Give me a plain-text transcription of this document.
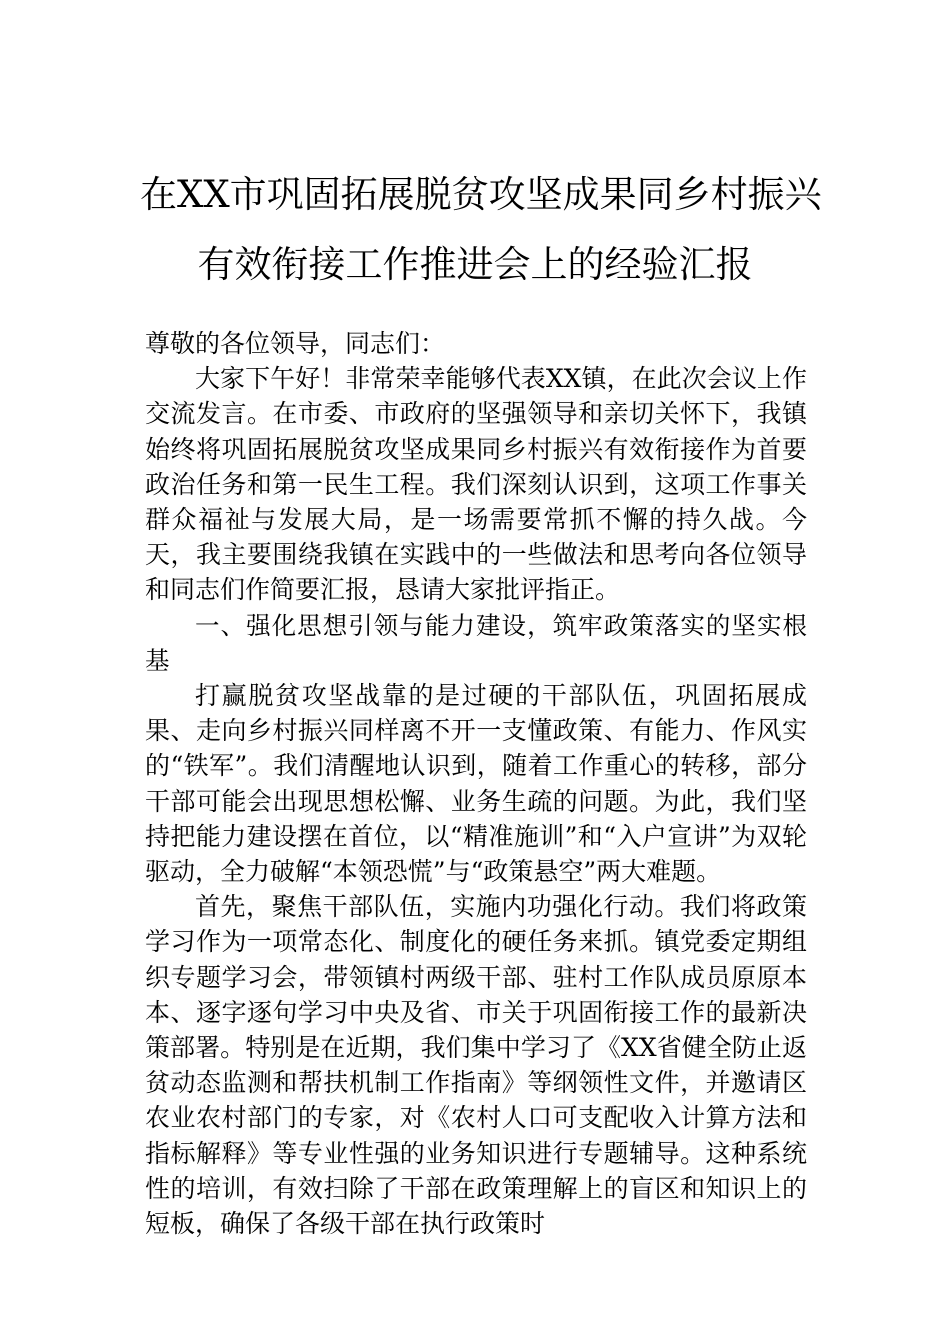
在XX市巩固拓展脱贫攻坚成果同乡村振兴
有效衔接工作推进会上的经验汇报

尊敬的各位领导，同志们：

大家下午好！非常荣幸能够代表XX镇，在此次会议上作交流发言。在市委、市政府的坚强领导和亲切关怀下，我镇始终将巩固拓展脱贫攻坚成果同乡村振兴有效衔接作为首要政治任务和第一民生工程。我们深刻认识到，这项工作事关群众福祉与发展大局，是一场需要常抓不懈的持久战。今天，我主要围绕我镇在实践中的一些做法和思考向各位领导和同志们作简要汇报，恳请大家批评指正。

一、强化思想引领与能力建设，筑牢政策落实的坚实根基

打赢脱贫攻坚战靠的是过硬的干部队伍，巩固拓展成果、走向乡村振兴同样离不开一支懂政策、有能力、作风实的“铁军”。我们清醒地认识到，随着工作重心的转移，部分干部可能会出现思想松懈、业务生疏的问题。为此，我们坚持把能力建设摆在首位，以“精准施训”和“入户宣讲”为双轮驱动，全力破解“本领恐慌”与“政策悬空”两大难题。

首先，聚焦干部队伍，实施内功强化行动。我们将政策学习作为一项常态化、制度化的硬任务来抓。镇党委定期组织专题学习会，带领镇村两级干部、驻村工作队成员原原本本、逐字逐句学习中央及省、市关于巩固衔接工作的最新决策部署。特别是在近期，我们集中学习了《XX省健全防止返贫动态监测和帮扶机制工作指南》等纲领性文件，并邀请区农业农村部门的专家，对《农村人口可支配收入计算方法和指标解释》等专业性强的业务知识进行专题辅导。这种系统性的培训，有效扫除了干部在政策理解上的盲区和知识上的短板，确保了各级干部在执行政策时
